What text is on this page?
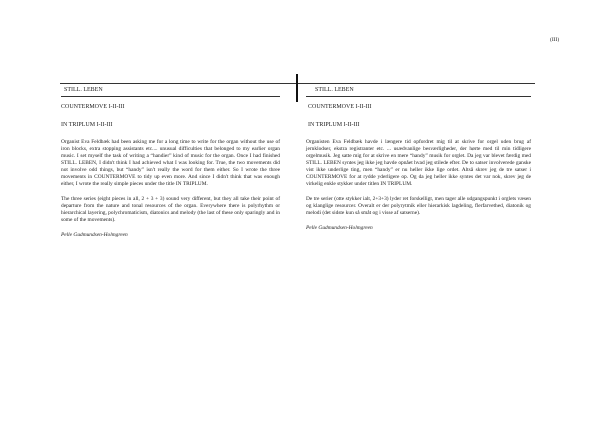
(III)
STILL. LEBEN
COUNTERMOVE I-II-III
IN TRIPLUM I-II-III
Organist Eva Feldbæk had been asking me for a long time to write for the organ without the use of iron blocks, extra stopping assistants etc.... unusual difficulties that belonged to my earlier organ music. I set myself the task of writing a “handier” kind of music for the organ. Once I had finished STILL. LEBEN, I didn't think I had achieved what I was looking for. True, the two movements did not involve odd things, but “handy” isn't really the word for them either. So I wrote the three movements in COUNTERMOVE to tidy up even more. And since I didn't think that was enough either, I wrote the really simple pieces under the title IN TRIPLUM.
The three series (eight pieces in all, 2 + 3 + 3) sound very different, but they all take their point of departure from the nature and tonal resources of the organ. Everywhere there is polyrhythm or hierarchical layering, polychromaticism, diatonics and melody (the last of these only sparingly and in some of the movements).
Pelle Gudmundsen-Holmgreen
STILL. LEBEN
COUNTERMOVE I-II-III
IN TRIPLUM I-II-III
Organisten Eva Feldbæk havde i længere tid opfordret mig til at skrive for orgel uden brug af jernklodser, ekstra registranter etc. ... usædvanlige besværligheder, der hørte med til min tidligere orgelmusik. Jeg satte mig for at skrive en mere “handy” musik for orglet. Da jeg var blevet færdig med STILL. LEBEN syntes jeg ikke jeg havde opnået hvad jeg stilede efter. De to satser involverede ganske vist ikke underlige ting, men “handy” er nu heller ikke lige ordet. Altså skrev jeg de tre satser i COUNTERMOVE for at rydde yderligere op. Og da jeg heller ikke syntes det var nok, skrev jeg de virkelig enkle stykker under titlen IN TRIPLUM.
De tre serier (otte stykker ialt, 2+3+3) lyder ret forskelligt, men tager alle udgangspunkt i orglets væsen og klanglige resourcer. Overalt er der polyrytmik eller hierarkisk lagdeling, flerfarvethed, diatonik og melodi (det sidste kun så småt og i visse af satserne).
Pelle Gudmundsen-Holmgreen
